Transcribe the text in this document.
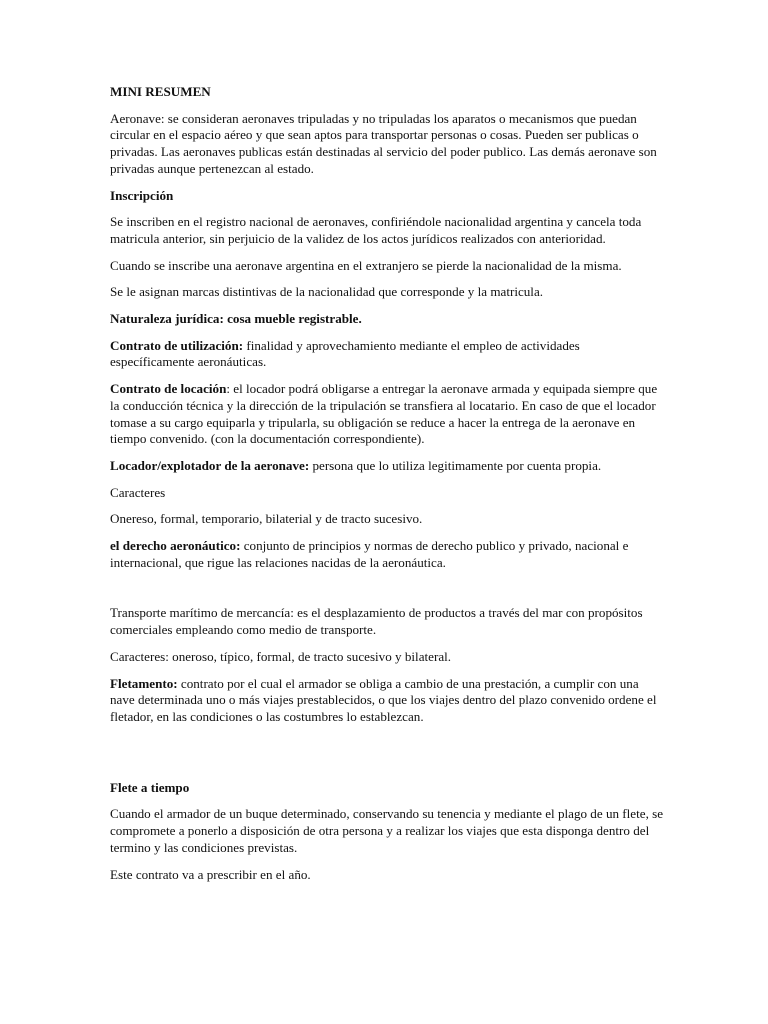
MINI RESUMEN

Aeronave: se consideran aeronaves tripuladas y no tripuladas los aparatos o mecanismos que puedan circular en el espacio aéreo y que sean aptos para transportar personas o cosas. Pueden ser publicas o privadas. Las aeronaves publicas están destinadas al servicio del poder publico. Las demás aeronave son privadas aunque pertenezcan al estado.

Inscripción

Se inscriben en el registro nacional de aeronaves, confiriéndole nacionalidad argentina y cancela toda matricula anterior, sin perjuicio de la validez de los actos jurídicos realizados con anterioridad.

Cuando se inscribe una aeronave argentina en el extranjero se pierde la nacionalidad de la misma.

Se le asignan marcas distintivas de la nacionalidad que corresponde y la matricula.

Naturaleza jurídica: cosa mueble registrable.

Contrato de utilización: finalidad y aprovechamiento mediante el empleo de actividades específicamente aeronáuticas.

Contrato de locación: el locador podrá obligarse a entregar la aeronave armada y equipada siempre que la conducción técnica y la dirección de la tripulación se transfiera al locatario. En caso de que el locador tomase a su cargo equiparla y tripularla, su obligación se reduce a hacer la entrega de la aeronave en tiempo convenido. (con la documentación correspondiente).

Locador/explotador de la aeronave: persona que lo utiliza legitimamente por cuenta propia.

Caracteres

Onereso, formal, temporario, bilaterial y de tracto sucesivo.

el derecho aeronáutico: conjunto de principios y normas de derecho publico y privado, nacional e internacional, que rigue las relaciones nacidas de la aeronáutica.

Transporte marítimo de mercancía: es el desplazamiento de productos a través del mar con propósitos comerciales empleando como medio de transporte.

Caracteres: oneroso, típico, formal, de tracto sucesivo y bilateral.

Fletamento: contrato por el cual el armador se obliga a cambio de una prestación, a cumplir con una nave determinada uno o más viajes prestablecidos, o que los viajes dentro del plazo convenido ordene el fletador, en las condiciones o las costumbres lo establezcan.

Flete a tiempo

Cuando el armador de un buque determinado, conservando su tenencia y mediante el plago de un flete, se compromete a ponerlo a disposición de otra persona y a realizar los viajes que esta disponga dentro del termino y las condiciones previstas.

Este contrato va a prescribir en el año.
